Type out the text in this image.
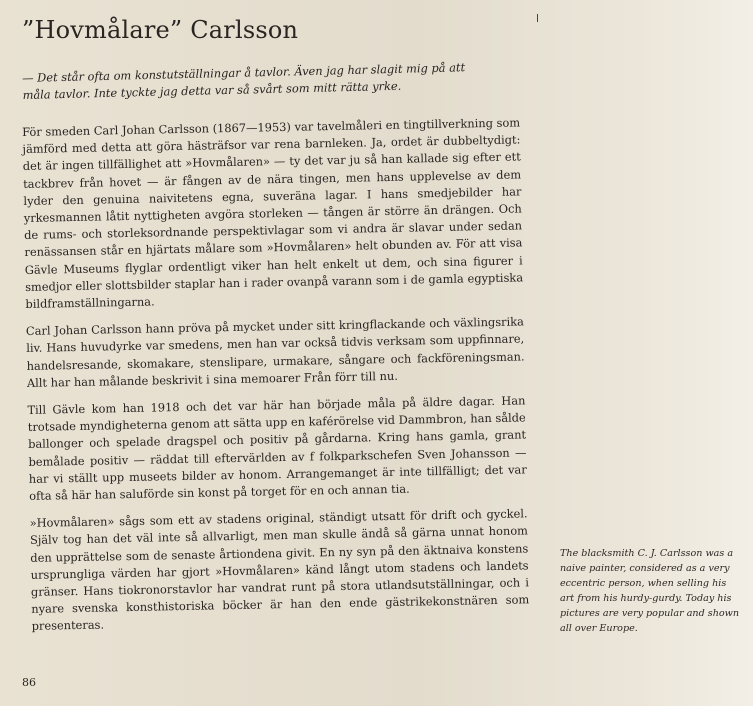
”Hovmålare” Carlsson
— Det står ofta om konstutställningar å tavlor. Även jag har slagit mig på att måla tavlor. Inte tyckte jag detta var så svårt som mitt rätta yrke.

För smeden Carl Johan Carlsson (1867—1953) var tavelmåleri en tingtillverkning som jämförd med detta att göra hästräfsor var rena barnleken. Ja, ordet är dubbeltydigt: det är ingen tillfällighet att »Hovmålaren» — ty det var ju så han kallade sig efter ett tackbrev från hovet — är fången av de nära tingen, men hans upplevelse av dem lyder den genuina naivitetens egna, suveräna lagar. I hans smedjebilder har yrkesmannen låtit nyttigheten avgöra storleken — tången är större än drängen. Och de rums- och storleksordnande perspektivlagar som vi andra är slavar under sedan renässansen står en hjärtats målare som »Hovmålaren» helt obunden av. För att visa Gävle Museums flyglar ordentligt viker han helt enkelt ut dem, och sina figurer i smedjor eller slottsbilder staplar han i rader ovanpå varann som i de gamla egyptiska bildframställningarna.

Carl Johan Carlsson hann pröva på mycket under sitt kringflackande och växlingsrika liv. Hans huvudyrke var smedens, men han var också tidvis verksam som uppfinnare, handelsresande, skomakare, stenslipare, urmakare, sångare och fackföreningsman. Allt har han målande beskrivit i sina memoarer Från förr till nu.

Till Gävle kom han 1918 och det var här han började måla på äldre dagar. Han trotsade myndigheterna genom att sätta upp en kaférörelse vid Dammbron, han sålde ballonger och spelade dragspel och positiv på gårdarna. Kring hans gamla, grant bemålade positiv — räddat till eftervärlden av f folkparkschefen Sven Johansson — har vi ställt upp museets bilder av honom. Arrangemanget är inte tillfälligt; det var ofta så här han saluförde sin konst på torget för en och annan tia.

»Hovmålaren» sågs som ett av stadens original, ständigt utsatt för drift och gyckel. Själv tog han det väl inte så allvarligt, men man skulle ändå så gärna unnat honom den upprättelse som de senaste årtiondena givit. En ny syn på den äktnaiva konstens ursprungliga värden har gjort »Hovmålaren» känd långt utom stadens och landets gränser. Hans tiokronorstavlor har vandrat runt på stora utlandsutställningar, och i nyare svenska konsthistoriska böcker är han den ende gästrikekonstnären som presenteras.

The blacksmith C. J. Carlsson was a naive painter, considered as a very eccentric person, when selling his art from his hurdy-gurdy. Today his pictures are very popular and shown all over Europe.
86
